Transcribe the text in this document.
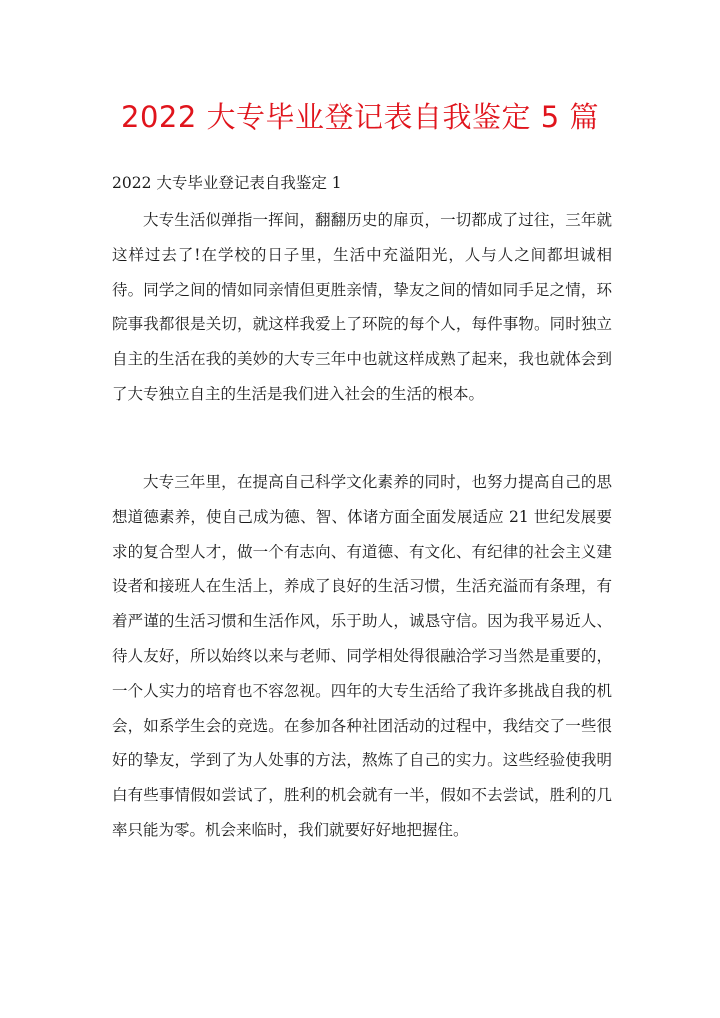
2022 大专毕业登记表自我鉴定 5 篇
2022 大专毕业登记表自我鉴定 1

大专生活似弹指一挥间，翻翻历史的扉页，一切都成了过往，三年就这样过去了!在学校的日子里，生活中充溢阳光，人与人之间都坦诚相待。同学之间的情如同亲情但更胜亲情，挚友之间的情如同手足之情，环院事我都很是关切，就这样我爱上了环院的每个人，每件事物。同时独立自主的生活在我的美妙的大专三年中也就这样成熟了起来，我也就体会到了大专独立自主的生活是我们进入社会的生活的根本。

大专三年里，在提高自己科学文化素养的同时，也努力提高自己的思想道德素养，使自己成为德、智、体诸方面全面发展适应 21 世纪发展要求的复合型人才，做一个有志向、有道德、有文化、有纪律的社会主义建设者和接班人在生活上，养成了良好的生活习惯，生活充溢而有条理，有着严谨的生活习惯和生活作风，乐于助人，诚恳守信。因为我平易近人、待人友好，所以始终以来与老师、同学相处得很融洽学习当然是重要的，一个人实力的培育也不容忽视。四年的大专生活给了我许多挑战自我的机会，如系学生会的竞选。在参加各种社团活动的过程中，我结交了一些很好的挚友，学到了为人处事的方法，熬炼了自己的实力。这些经验使我明白有些事情假如尝试了，胜利的机会就有一半，假如不去尝试，胜利的几率只能为零。机会来临时，我们就要好好地把握住。
